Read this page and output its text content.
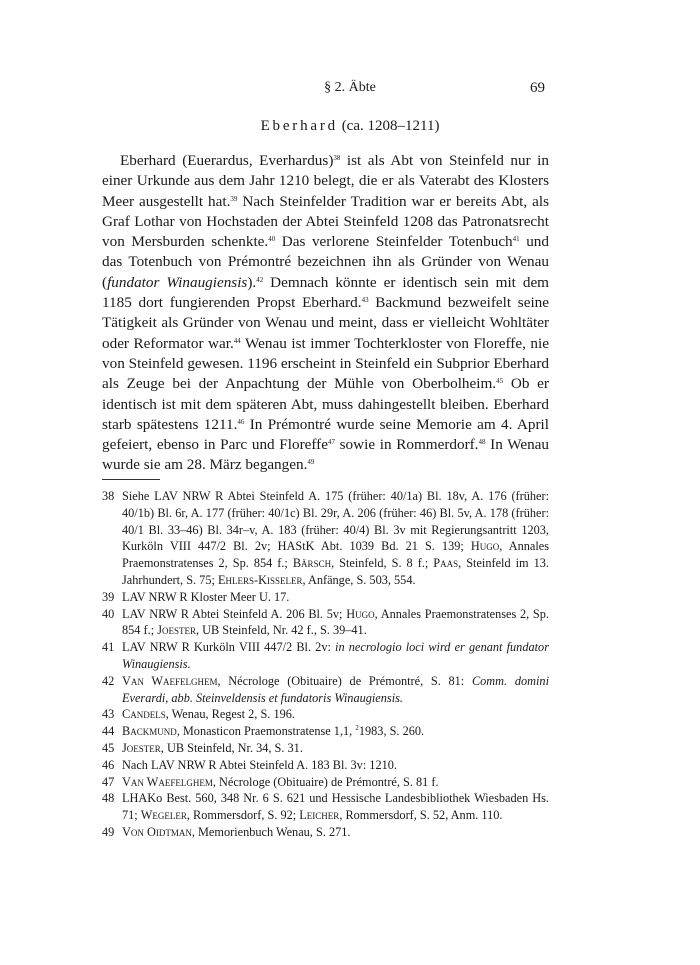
§ 2. Äbte	69
Eberhard (ca. 1208–1211)

Eberhard (Euerardus, Everhardus)$^{38}$ ist als Abt von Steinfeld nur in einer Urkunde aus dem Jahr 1210 belegt, die er als Vaterabt des Klosters Meer ausgestellt hat.$^{39}$ Nach Steinfelder Tradition war er bereits Abt, als Graf Lothar von Hochstaden der Abtei Steinfeld 1208 das Patronatsrecht von Mersburden schenkte.$^{40}$ Das verlorene Steinfelder Totenbuch$^{41}$ und das Totenbuch von Prémontré bezeichnen ihn als Gründer von Wenau (fundator Winaugiensis).$^{42}$ Demnach könnte er identisch sein mit dem 1185 dort fungierenden Propst Eberhard.$^{43}$ Backmund bezweifelt seine Tätigkeit als Gründer von Wenau und meint, dass er vielleicht Wohltäter oder Reformator war.$^{44}$ Wenau ist immer Tochterkloster von Floreffe, nie von Steinfeld gewesen. 1196 erscheint in Steinfeld ein Subprior Eberhard als Zeuge bei der Anpachtung der Mühle von Oberbolheim.$^{45}$ Ob er identisch ist mit dem späteren Abt, muss dahingestellt bleiben. Eberhard starb spätestens 1211.46 In Prémontré wurde seine Memorie am 4. April gefeiert, ebenso in Parc und Floreffe$^{47}$ sowie in Rommerdorf.$^{48}$ In Wenau wurde sie am 28. März begangen.$^{49}$

38 Siehe LAV NRW R Abtei Steinfeld A. 175 (früher: 40/1a) Bl. 18v, A. 176 (früher: 40/1b) Bl. 6r, A. 177 (früher: 40/1c) Bl. 29r, A. 206 (früher: 46) Bl. 5v, A. 178 (früher: 40/1 Bl. 33–46) Bl. 34r–v, A. 183 (früher: 40/4) Bl. 3v mit Regierungsantritt 1203, Kurköln VIII 447/2 Bl. 2v; HAStK Abt. 1039 Bd. 21 S. 139; Hugo, Annales Praemonstratenses 2, Sp. 854 f.; Bärsch, Steinfeld, S. 8 f.; Paas, Steinfeld im 13. Jahrhundert, S. 75; Ehlers-Kisseler, Anfänge, S. 503, 554.
39 LAV NRW R Kloster Meer U. 17.
40 LAV NRW R Abtei Steinfeld A. 206 Bl. 5v; Hugo, Annales Praemonstratenses 2, Sp. 854 f.; Joester, UB Steinfeld, Nr. 42 f., S. 39–41.
41 LAV NRW R Kurköln VIII 447/2 Bl. 2v: in necrologio loci wird er genant fundator Winaugiensis.
42 Van Waefelghem, Nécrologe (Obituaire) de Prémontré, S. 81: Comm. domini Everardi, abb. Steinveldensis et fundatoris Winaugiensis.
43 Candels, Wenau, Regest 2, S. 196.
44 Backmund, Monasticon Praemonstratense 1,1, $^2$1983, S. 260.
45 Joester, UB Steinfeld, Nr. 34, S. 31.
46 Nach LAV NRW R Abtei Steinfeld A. 183 Bl. 3v: 1210.
47 Van Waefelghem, Nécrologe (Obituaire) de Prémontré, S. 81 f.
48 LHAKo Best. 560, 348 Nr. 6 S. 621 und Hessische Landesbibliothek Wiesbaden Hs. 71; Wegeler, Rommersdorf, S. 92; Leicher, Rommersdorf, S. 52, Anm. 110.
49 Von Oidtman, Memorienbuch Wenau, S. 271.
